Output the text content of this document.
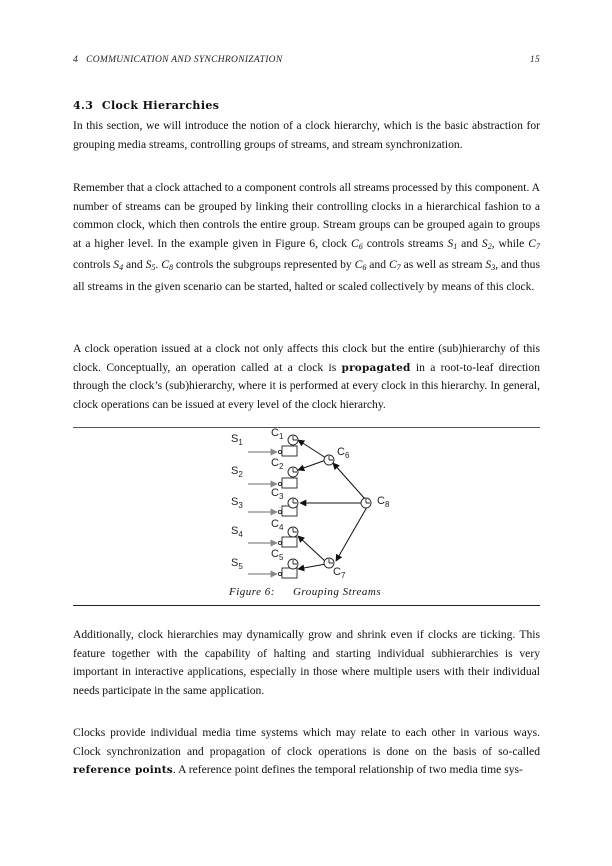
4   COMMUNICATION AND SYNCHRONIZATION	15
4.3 Clock Hierarchies

In this section, we will introduce the notion of a clock hierarchy, which is the basic abstraction for grouping media streams, controlling groups of streams, and stream synchronization.

Remember that a clock attached to a component controls all streams processed by this component. A number of streams can be grouped by linking their controlling clocks in a hierarchical fashion to a common clock, which then controls the entire group. Stream groups can be grouped again to groups at a higher level. In the example given in Figure 6, clock $C_6$ controls streams $S_1$ and $S_2$, while $C_7$ controls $S_4$ and $S_5$. $C_8$ controls the subgroups represented by $C_6$ and $C_7$ as well as stream $S_3$, and thus all streams in the given scenario can be started, halted or scaled collectively by means of this clock.

A clock operation issued at a clock not only affects this clock but the entire (sub)hierarchy of this clock. Conceptually, an operation called at a clock is propagated in a root-to-leaf direction through the clock’s (sub)hierarchy, where it is performed at every clock in this hierarchy. In general, clock operations can be issued at every level of the clock hierarchy.

$S_1$
$S_2$
$S_3$
$S_4$
$S_5$
$C_1$
$C_2$
$C_3$
$C_4$
$C_5$
$C_6$
$C_7$
$C_8$
Figure 6: Grouping Streams

Additionally, clock hierarchies may dynamically grow and shrink even if clocks are ticking. This feature together with the capability of halting and starting individual subhierarchies is very important in interactive applications, especially in those where multiple users with their individual needs participate in the same application.

Clocks provide individual media time systems which may relate to each other in various ways. Clock synchronization and propagation of clock operations is done on the basis of so-called reference points. A reference point defines the temporal relationship of two media time sys-
